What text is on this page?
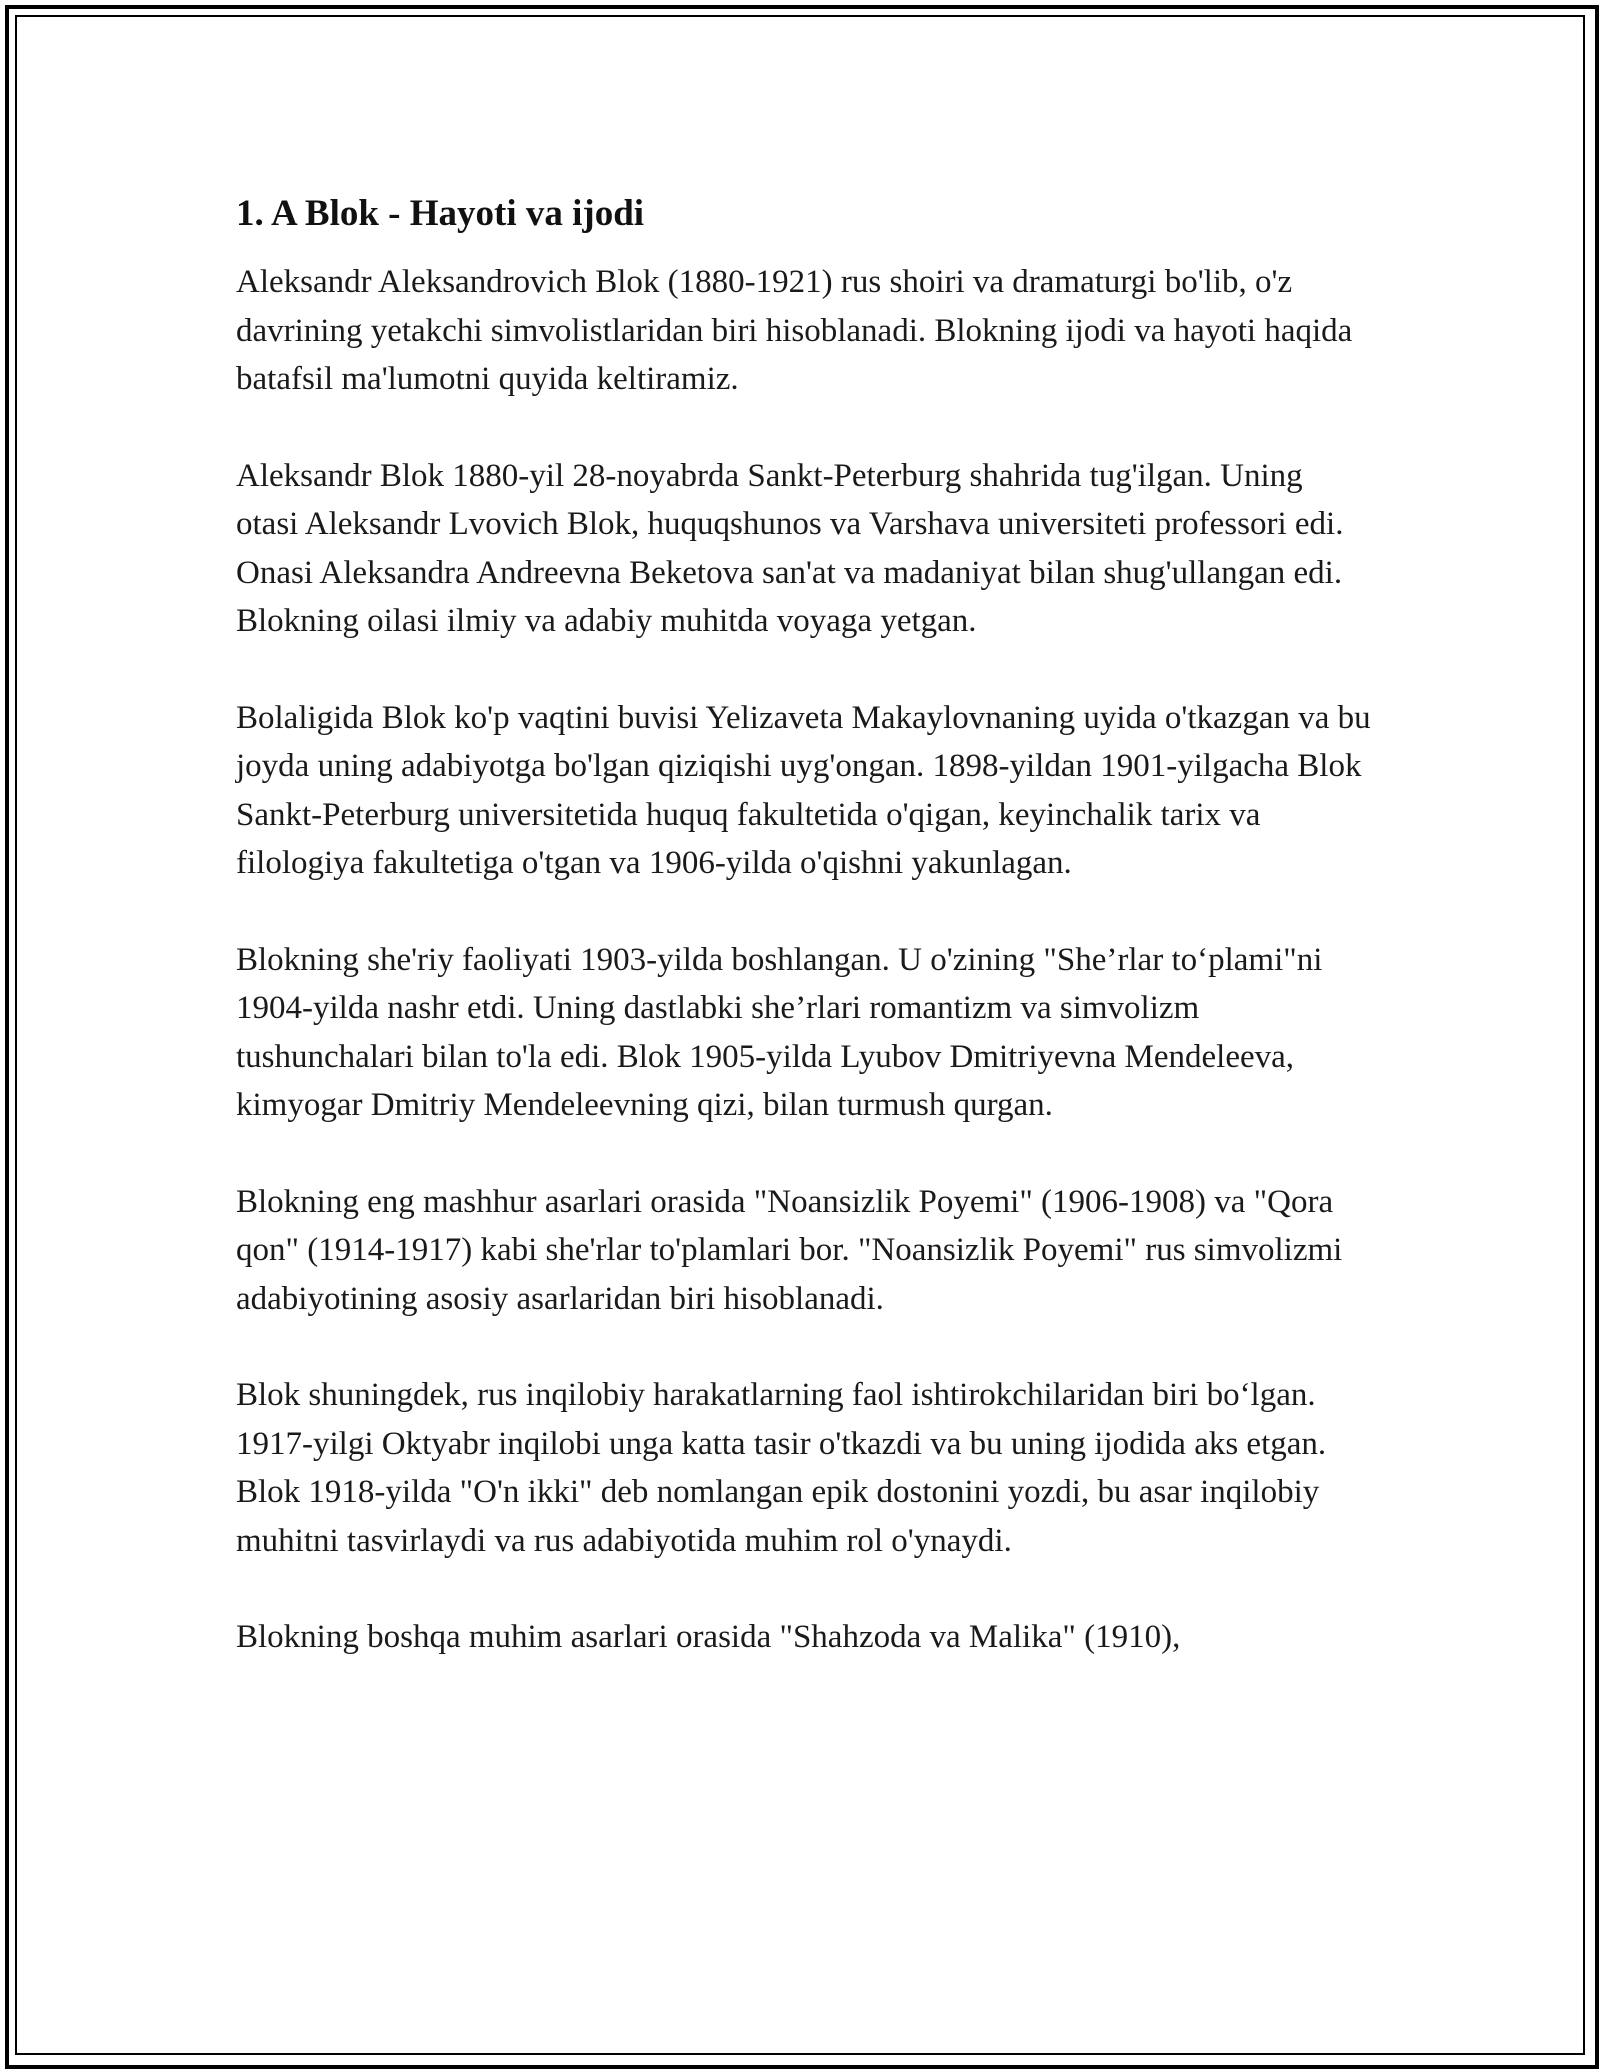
1. A Blok - Hayoti va ijodi

Aleksandr Aleksandrovich Blok (1880-1921) rus shoiri va dramaturgi bo'lib, o'z davrining yetakchi simvolistlaridan biri hisoblanadi. Blokning ijodi va hayoti haqida batafsil ma'lumotni quyida keltiramiz.

Aleksandr Blok 1880-yil 28-noyabrda Sankt-Peterburg shahrida tug'ilgan. Uning otasi Aleksandr Lvovich Blok, huquqshunos va Varshava universiteti professori edi. Onasi Aleksandra Andreevna Beketova san'at va madaniyat bilan shug'ullangan edi. Blokning oilasi ilmiy va adabiy muhitda voyaga yetgan.

Bolaligida Blok ko'p vaqtini buvisi Yelizaveta Makaylovnaning uyida o'tkazgan va bu joyda uning adabiyotga bo'lgan qiziqishi uyg'ongan. 1898-yildan 1901-yilgacha Blok Sankt-Peterburg universitetida huquq fakultetida o'qigan, keyinchalik tarix va filologiya fakultetiga o'tgan va 1906-yilda o'qishni yakunlagan.

Blokning she'riy faoliyati 1903-yilda boshlangan. U o'zining "She’rlar to‘plami"ni 1904-yilda nashr etdi. Uning dastlabki she’rlari romantizm va simvolizm tushunchalari bilan to'la edi. Blok 1905-yilda Lyubov Dmitriyevna Mendeleeva, kimyogar Dmitriy Mendeleevning qizi, bilan turmush qurgan.

Blokning eng mashhur asarlari orasida "Noansizlik Poyemi" (1906-1908) va "Qora qon" (1914-1917) kabi she'rlar to'plamlari bor. "Noansizlik Poyemi" rus simvolizmi adabiyotining asosiy asarlaridan biri hisoblanadi.

Blok shuningdek, rus inqilobiy harakatlarning faol ishtirokchilaridan biri bo‘lgan. 1917-yilgi Oktyabr inqilobi unga katta tasir o'tkazdi va bu uning ijodida aks etgan. Blok 1918-yilda "O'n ikki" deb nomlangan epik dostonini yozdi, bu asar inqilobiy muhitni tasvirlaydi va rus adabiyotida muhim rol o'ynaydi.

Blokning boshqa muhim asarlari orasida "Shahzoda va Malika" (1910),
